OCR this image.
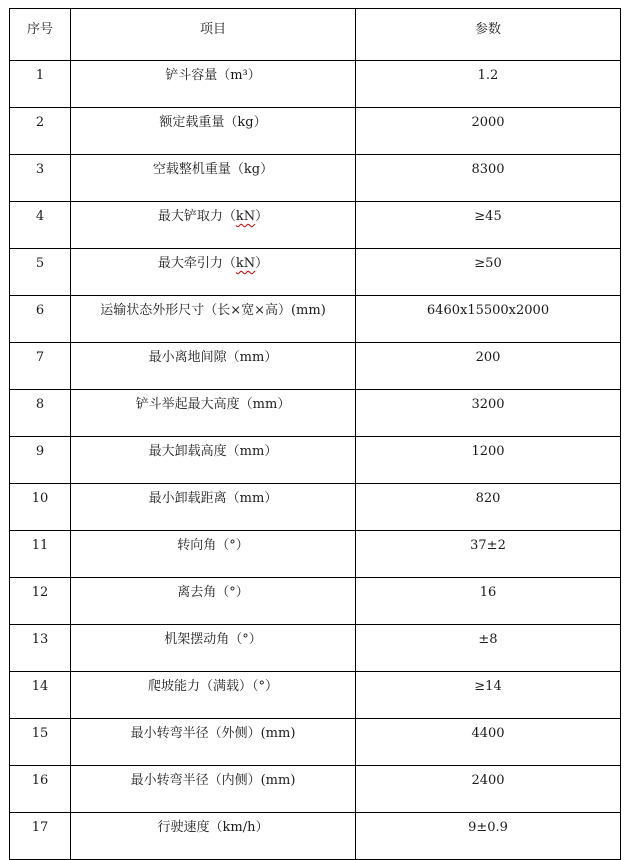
序号	项目	参数
1	铲斗容量（m³）	1.2
2	额定载重量（kg）	2000
3	空载整机重量（kg）	8300
4	最大铲取力（kN）	≥45
5	最大牵引力（kN）	≥50
6	运输状态外形尺寸（长×宽×高）(mm)	6460x15500x2000
7	最小离地间隙（mm）	200
8	铲斗举起最大高度（mm）	3200
9	最大卸载高度（mm）	1200
10	最小卸载距离（mm）	820
11	转向角（°）	37±2
12	离去角（°）	16
13	机架摆动角（°）	±8
14	爬坡能力（满载）（°）	≥14
15	最小转弯半径（外侧）(mm)	4400
16	最小转弯半径（内侧）(mm)	2400
17	行驶速度（km/h）	9±0.9
